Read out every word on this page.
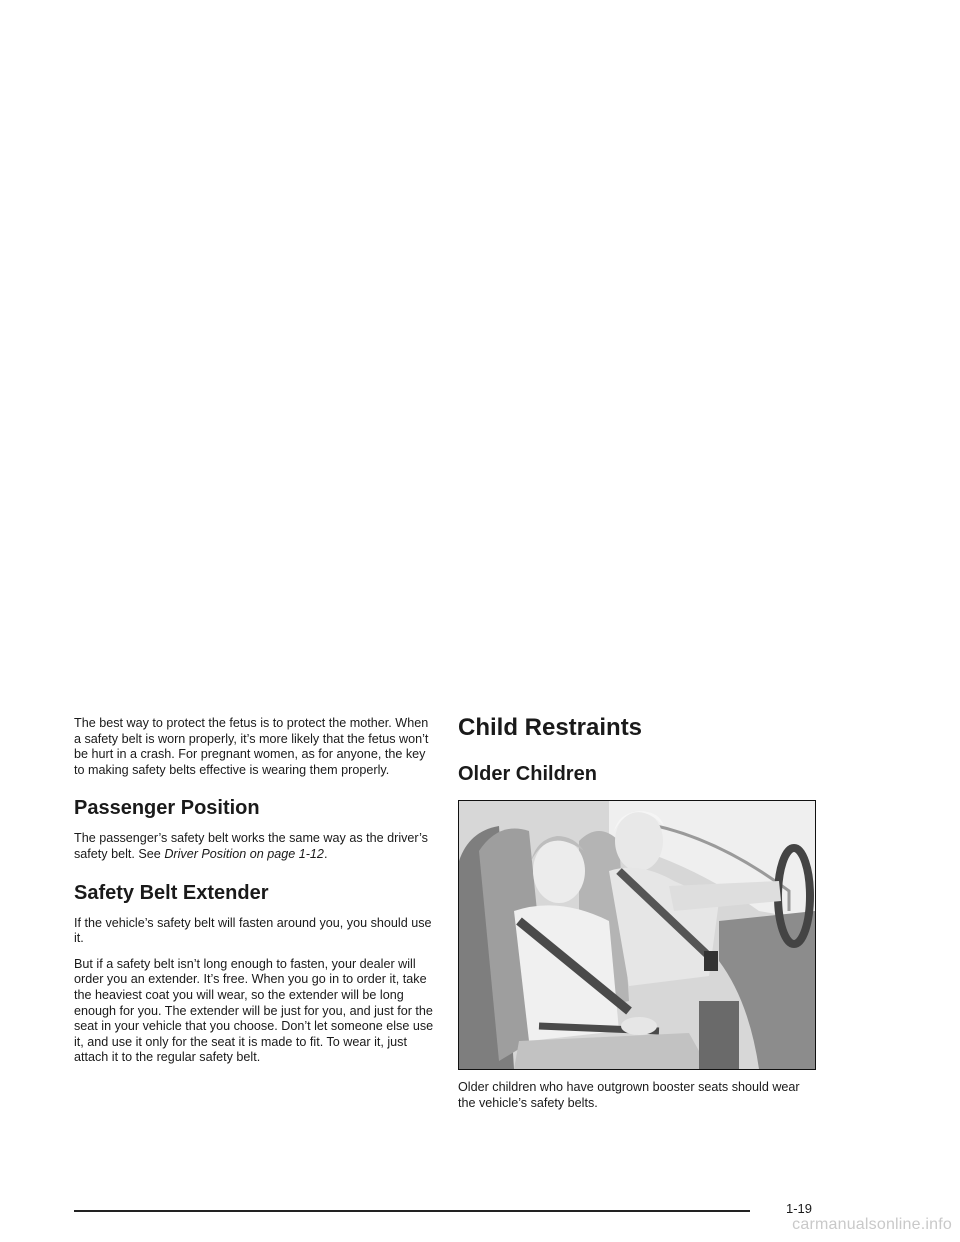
The best way to protect the fetus is to protect the mother. When a safety belt is worn properly, it’s more likely that the fetus won’t be hurt in a crash. For pregnant women, as for anyone, the key to making safety belts effective is wearing them properly.

Passenger Position

The passenger’s safety belt works the same way as the driver’s safety belt. See Driver Position on page 1-12.

Safety Belt Extender

If the vehicle’s safety belt will fasten around you, you should use it.

But if a safety belt isn’t long enough to fasten, your dealer will order you an extender. It’s free. When you go in to order it, take the heaviest coat you will wear, so the extender will be long enough for you. The extender will be just for you, and just for the seat in your vehicle that you choose. Don’t let someone else use it, and use it only for the seat it is made to fit. To wear it, just attach it to the regular safety belt.

Child Restraints
Older Children

Older children who have outgrown booster seats should wear the vehicle’s safety belts.

1-19
carmanualsonline.info
